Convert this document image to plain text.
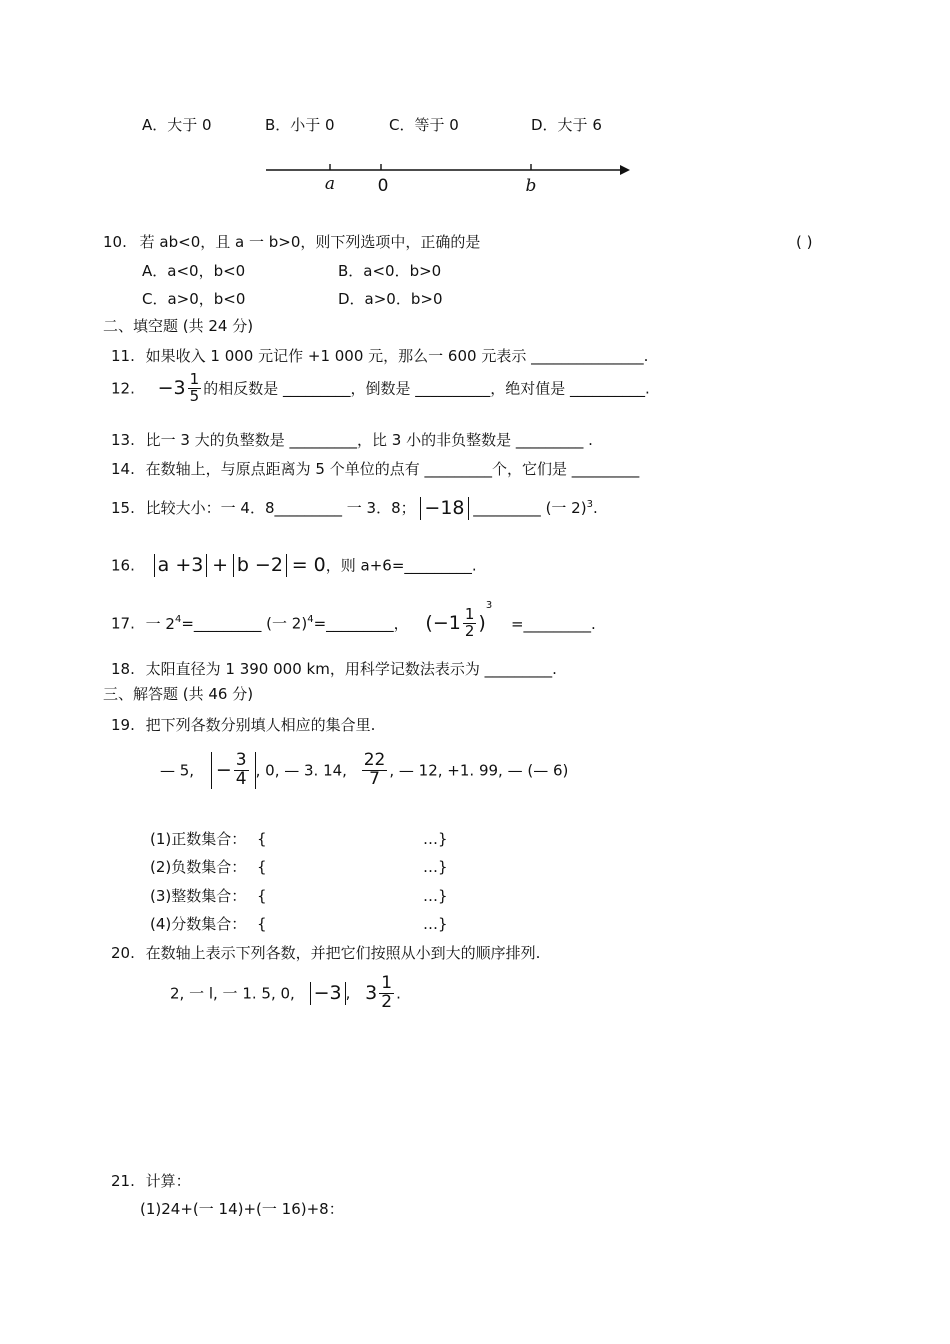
A．大于 0	B．小于 0	C．等于 0	D．大于 6
a	0	b
10. 若 ab<0，且 a 一 b>0，则下列选项中，正确的是	( )
A．a<0，b<0	B．a<0．b>0
C．a>0，b<0	D．a>0．b>0
二、填空题 (共 24 分)
11. 如果收入 1 000 元记作 +1 000 元，那么一 600 元表示 _______________.
12. $-3 \frac{1}{5}$ 的相反数是 _________，倒数是 __________，绝对值是 __________.
13. 比一 3 大的负整数是 _________，比 3 小的非负整数是 _________ .
14. 在数轴上，与原点距离为 5 个单位的点有 _________个，它们是 _________
15. 比较大小：一 4．8_________ 一 3．8； −18 _________ (一 2)$^3$.
16. a +3 + b −2 = 0，则 a+6=_________.
17. 一 $2^4=\_\_\_\_\_\_\_\_\_$ (一 2)$^4$=_________， $(-1 \frac{1}{2} )^3$ =_________.
18. 太阳直径为 1 390 000 km，用科学记数法表示为 _________.
三、解答题 (共 46 分)
19. 把下列各数分别填人相应的集合里.
— 5, − $\frac{3}{4}$ , 0, — 3. 14, $\frac{22}{7}$ , — 12, +1. 99, — (— 6)
(1)正数集合： {	…}
(2)负数集合： {	…}
(3)整数集合： {	…}
(4)分数集合： {	…}
20. 在数轴上表示下列各数，并把它们按照从小到大的顺序排列.
2, 一 l, 一 1. 5, 0, −3 , $3 \frac{1}{2}$ .
21. 计算：
(1)24+(一 14)+(一 16)+8：
